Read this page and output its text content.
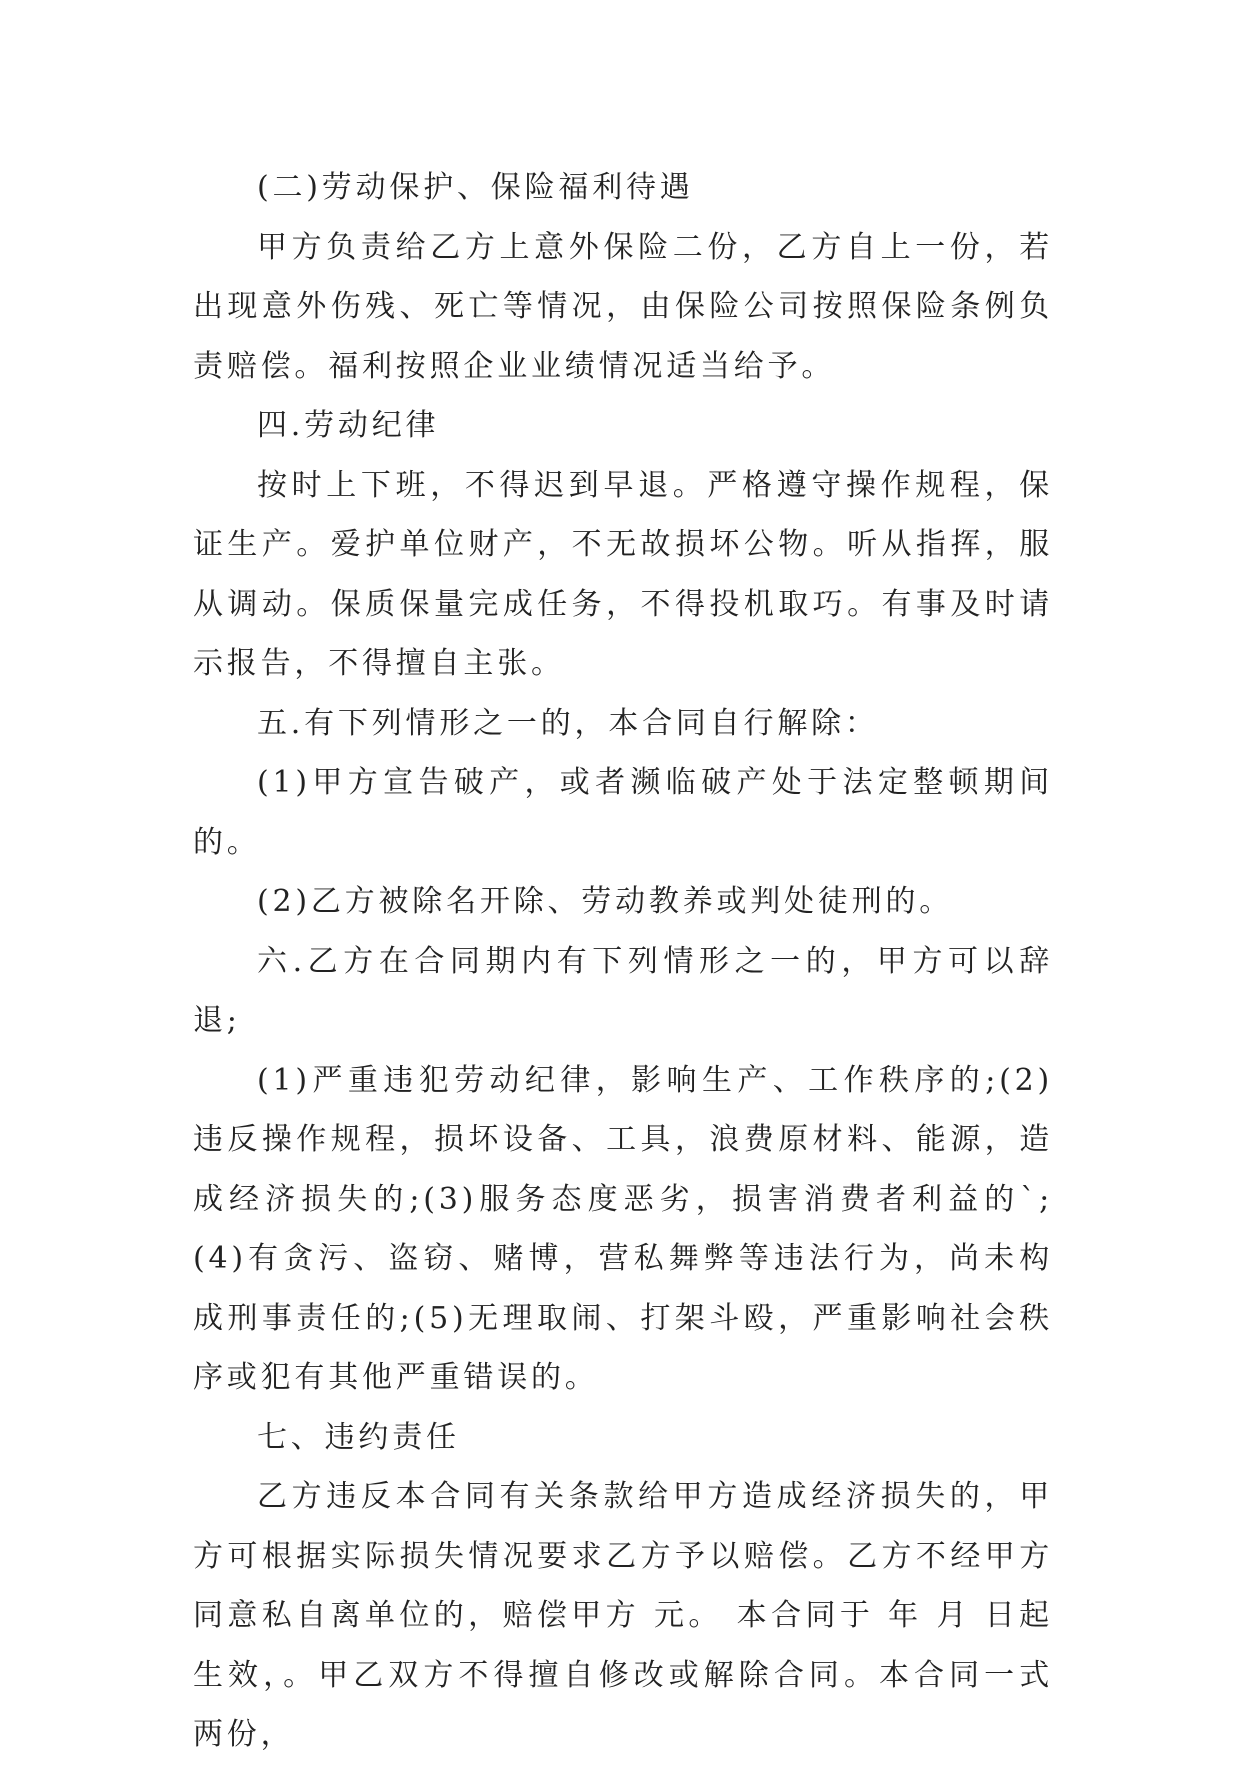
(二)劳动保护、保险福利待遇

甲方负责给乙方上意外保险二份，乙方自上一份，若出现意外伤残、死亡等情况，由保险公司按照保险条例负责赔偿。福利按照企业业绩情况适当给予。

四.劳动纪律

按时上下班，不得迟到早退。严格遵守操作规程，保证生产。爱护单位财产，不无故损坏公物。听从指挥，服从调动。保质保量完成任务，不得投机取巧。有事及时请示报告，不得擅自主张。

五.有下列情形之一的，本合同自行解除：

(1)甲方宣告破产，或者濒临破产处于法定整顿期间的。

(2)乙方被除名开除、劳动教养或判处徒刑的。

六.乙方在合同期内有下列情形之一的，甲方可以辞退;

(1)严重违犯劳动纪律，影响生产、工作秩序的;(2)违反操作规程，损坏设备、工具，浪费原材料、能源，造成经济损失的;(3)服务态度恶劣，损害消费者利益的`;(4)有贪污、盗窃、赌博，营私舞弊等违法行为，尚未构成刑事责任的;(5)无理取闹、打架斗殴，严重影响社会秩序或犯有其他严重错误的。

七、违约责任

乙方违反本合同有关条款给甲方造成经济损失的，甲方可根据实际损失情况要求乙方予以赔偿。乙方不经甲方同意私自离单位的，赔偿甲方 元。 本合同于 年 月 日起生效，。甲乙双方不得擅自修改或解除合同。本合同一式两份，
